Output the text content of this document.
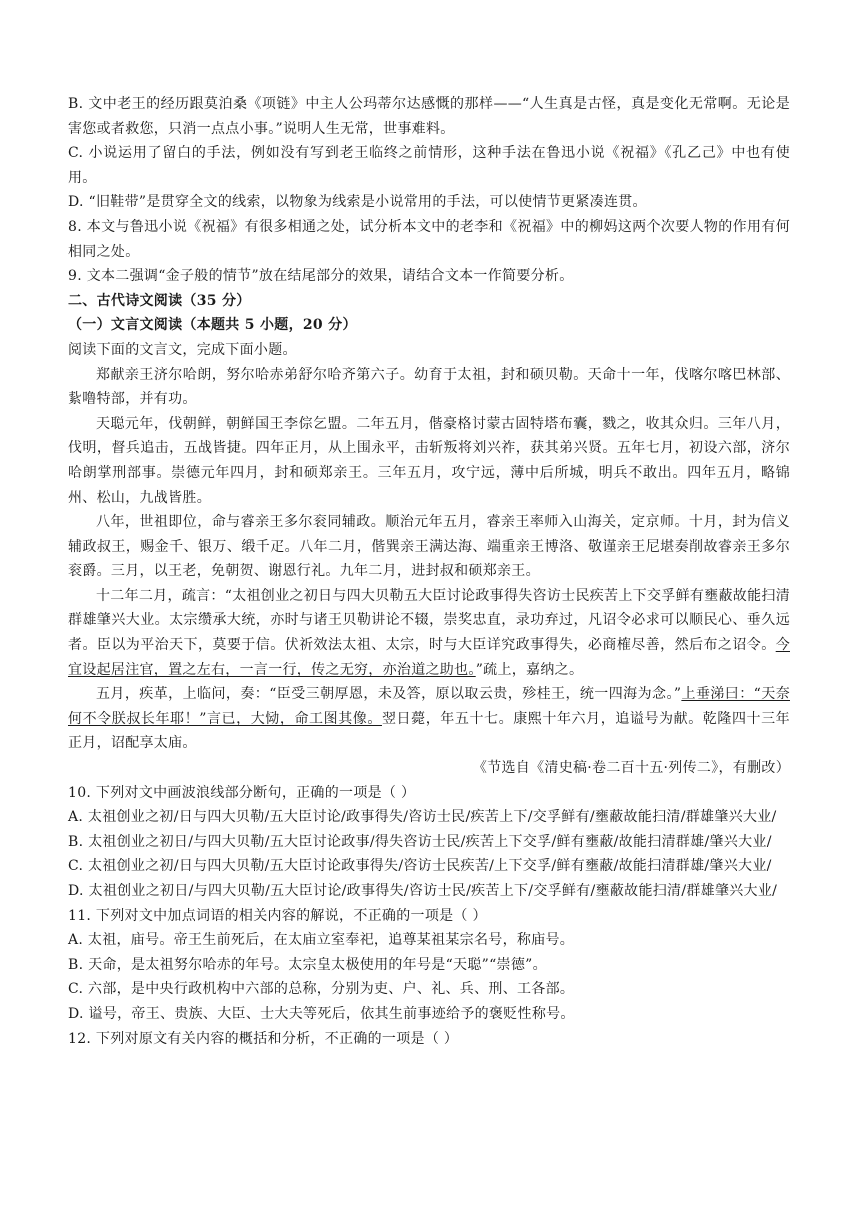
B. 文中老王的经历跟莫泊桑《项链》中主人公玛蒂尔达感慨的那样——“人生真是古怪，真是变化无常啊。无论是害您或者救您，只消一点点小事。”说明人生无常，世事难料。
C. 小说运用了留白的手法，例如没有写到老王临终之前情形，这种手法在鲁迅小说《祝福》《孔乙己》中也有使用。
D. “旧鞋带”是贯穿全文的线索，以物象为线索是小说常用的手法，可以使情节更紧凑连贯。
8. 本文与鲁迅小说《祝福》有很多相通之处，试分析本文中的老李和《祝福》中的柳妈这两个次要人物的作用有何相同之处。
9. 文本二强调“金子般的情节”放在结尾部分的效果，请结合文本一作简要分析。
二、古代诗文阅读（35 分）
（一）文言文阅读（本题共 5 小题，20 分）
阅读下面的文言文，完成下面小题。
郑献亲王济尔哈朗，努尔哈赤弟舒尔哈齐第六子。幼育于太祖，封和硕贝勒。天命十一年，伐喀尔喀巴林部、紥噜特部，并有功。
天聪元年，伐朝鲜，朝鲜国王李倧乞盟。二年五月，偕豪格讨蒙古固特塔布囊，戮之，收其众归。三年八月，伐明，督兵追击，五战皆捷。四年正月，从上围永平，击斩叛将刘兴祚，获其弟兴贤。五年七月，初设六部，济尔哈朗掌刑部事。崇德元年四月，封和硕郑亲王。三年五月，攻宁远，薄中后所城，明兵不敢出。四年五月，略锦州、松山，九战皆胜。
八年，世祖即位，命与睿亲王多尔衮同辅政。顺治元年五月，睿亲王率师入山海关，定京师。十月，封为信义辅政叔王，赐金千、银万、缎千疋。八年二月，偕巽亲王满达海、端重亲王博洛、敬谨亲王尼堪奏削故睿亲王多尔衮爵。三月，以王老，免朝贺、谢恩行礼。九年二月，进封叔和硕郑亲王。
十二年二月，疏言：“太祖创业之初日与四大贝勒五大臣讨论政事得失咨访士民疾苦上下交孚鲜有壅蔽故能扫清群雄肇兴大业。太宗缵承大统，亦时与诸王贝勒讲论不辍，崇奖忠直，录功弃过，凡诏令必求可以顺民心、垂久远者。臣以为平治天下，莫要于信。伏祈效法太祖、太宗，时与大臣详究政事得失，必商榷尽善，然后布之诏令。今宜设起居注官，置之左右，一言一行，传之无穷，亦治道之助也。”疏上，嘉纳之。
五月，疾革，上临问，奏：“臣受三朝厚恩，未及答，原以取云贵，殄桂王，统一四海为念。”上垂涕曰：“天奈何不令朕叔长年耶！”言已，大恸，命工图其像。翌日薨，年五十七。康熙十年六月，追谥号为献。乾隆四十三年正月，诏配享太庙。
《节选自《清史稿·卷二百十五·列传二》，有删改）
10. 下列对文中画波浪线部分断句，正确的一项是（ ）
A. 太祖创业之初/日与四大贝勒/五大臣讨论/政事得失/咨访士民/疾苦上下/交孚鲜有/壅蔽故能扫清/群雄肇兴大业/
B. 太祖创业之初日/与四大贝勒/五大臣讨论政事/得失咨访士民/疾苦上下交孚/鲜有壅蔽/故能扫清群雄/肇兴大业/
C. 太祖创业之初/日与四大贝勒/五大臣讨论政事得失/咨访士民疾苦/上下交孚/鲜有壅蔽/故能扫清群雄/肇兴大业/
D. 太祖创业之初日/与四大贝勒/五大臣讨论/政事得失/咨访士民/疾苦上下/交孚鲜有/壅蔽故能扫清/群雄肇兴大业/
11. 下列对文中加点词语的相关内容的解说，不正确的一项是（ ）
A. 太祖，庙号。帝王生前死后，在太庙立室奉祀，追尊某祖某宗名号，称庙号。
B. 天命，是太祖努尔哈赤的年号。太宗皇太极使用的年号是“天聪”“崇德”。
C. 六部，是中央行政机构中六部的总称，分别为吏、户、礼、兵、刑、工各部。
D. 谥号，帝王、贵族、大臣、士大夫等死后，依其生前事迹给予的褒贬性称号。
12. 下列对原文有关内容的概括和分析，不正确的一项是（ ）
